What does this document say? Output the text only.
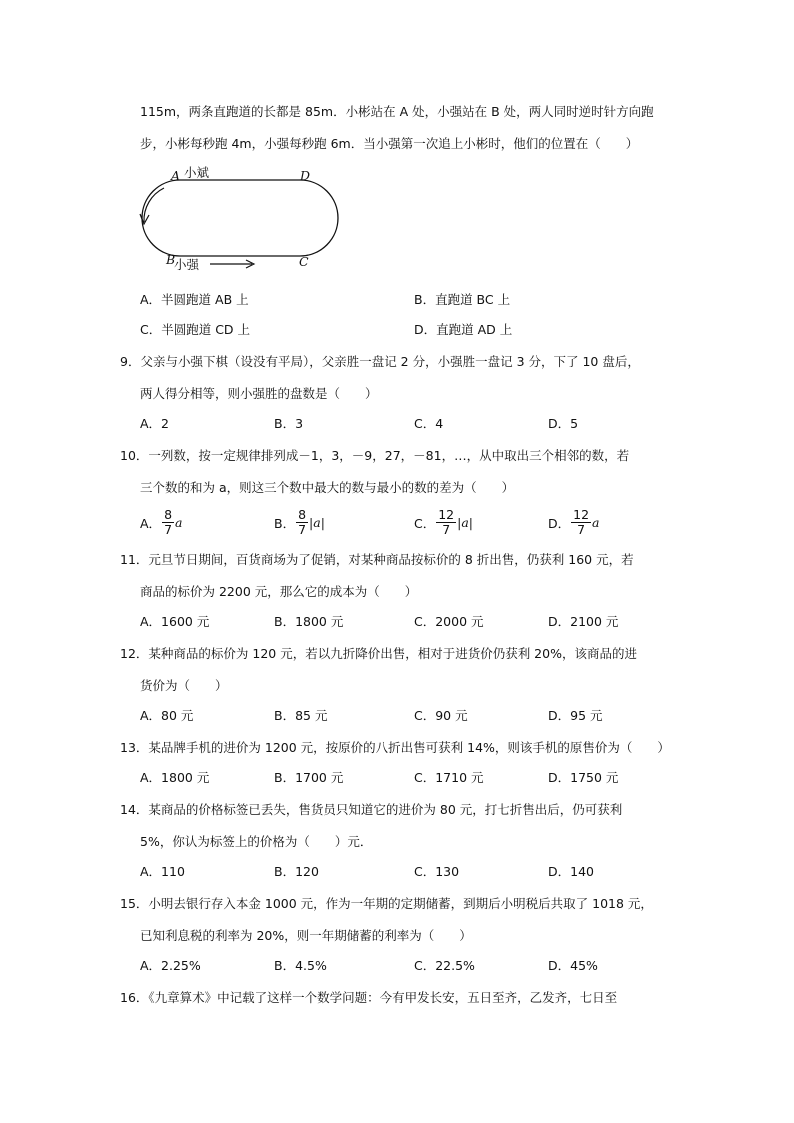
115m，两条直跑道的长都是 85m．小彬站在 A 处，小强站在 B 处，两人同时逆时针方向跑
步，小彬每秒跑 4m，小强每秒跑 6m．当小强第一次追上小彬时，他们的位置在（　　）
A 小斌	D
B
小强	C
A．半圆跑道 AB 上	B．直跑道 BC 上
C．半圆跑道 CD 上	D．直跑道 AD 上
9．父亲与小强下棋（设没有平局），父亲胜一盘记 2 分，小强胜一盘记 3 分，下了 10 盘后，
两人得分相等，则小强胜的盘数是（　　）
A．2	B．3	C．4	D．5
10．一列数，按一定规律排列成－1，3，－9，27，－81，…，从中取出三个相邻的数，若
三个数的和为 a，则这三个数中最大的数与最小的数的差为（　　）
A． $\frac{8}{7}$ a	B． $\frac{8}{7} |a|$	C． $\frac{12}{7} |a|$	D． $\frac{12}{7}$ a
11．元旦节日期间，百货商场为了促销，对某种商品按标价的 8 折出售，仍获利 160 元，若
商品的标价为 2200 元，那么它的成本为（　　）
A．1600 元	B．1800 元	C．2000 元	D．2100 元
12．某种商品的标价为 120 元，若以九折降价出售，相对于进货价仍获利 20%，该商品的进
货价为（　　）
A．80 元	B．85 元	C．90 元	D．95 元
13．某品牌手机的进价为 1200 元，按原价的八折出售可获利 14%，则该手机的原售价为（　　）
A．1800 元	B．1700 元	C．1710 元	D．1750 元
14．某商品的价格标签已丢失，售货员只知道它的进价为 80 元，打七折售出后，仍可获利
5%，你认为标签上的价格为（　　）元．
A．110	B．120	C．130	D．140
15．小明去银行存入本金 1000 元，作为一年期的定期储蓄，到期后小明税后共取了 1018 元，
已知利息税的利率为 20%，则一年期储蓄的利率为（　　）
A．2.25%	B．4.5%	C．22.5%	D．45%
16．《九章算术》中记载了这样一个数学问题：今有甲发长安，五日至齐，乙发齐，七日至
